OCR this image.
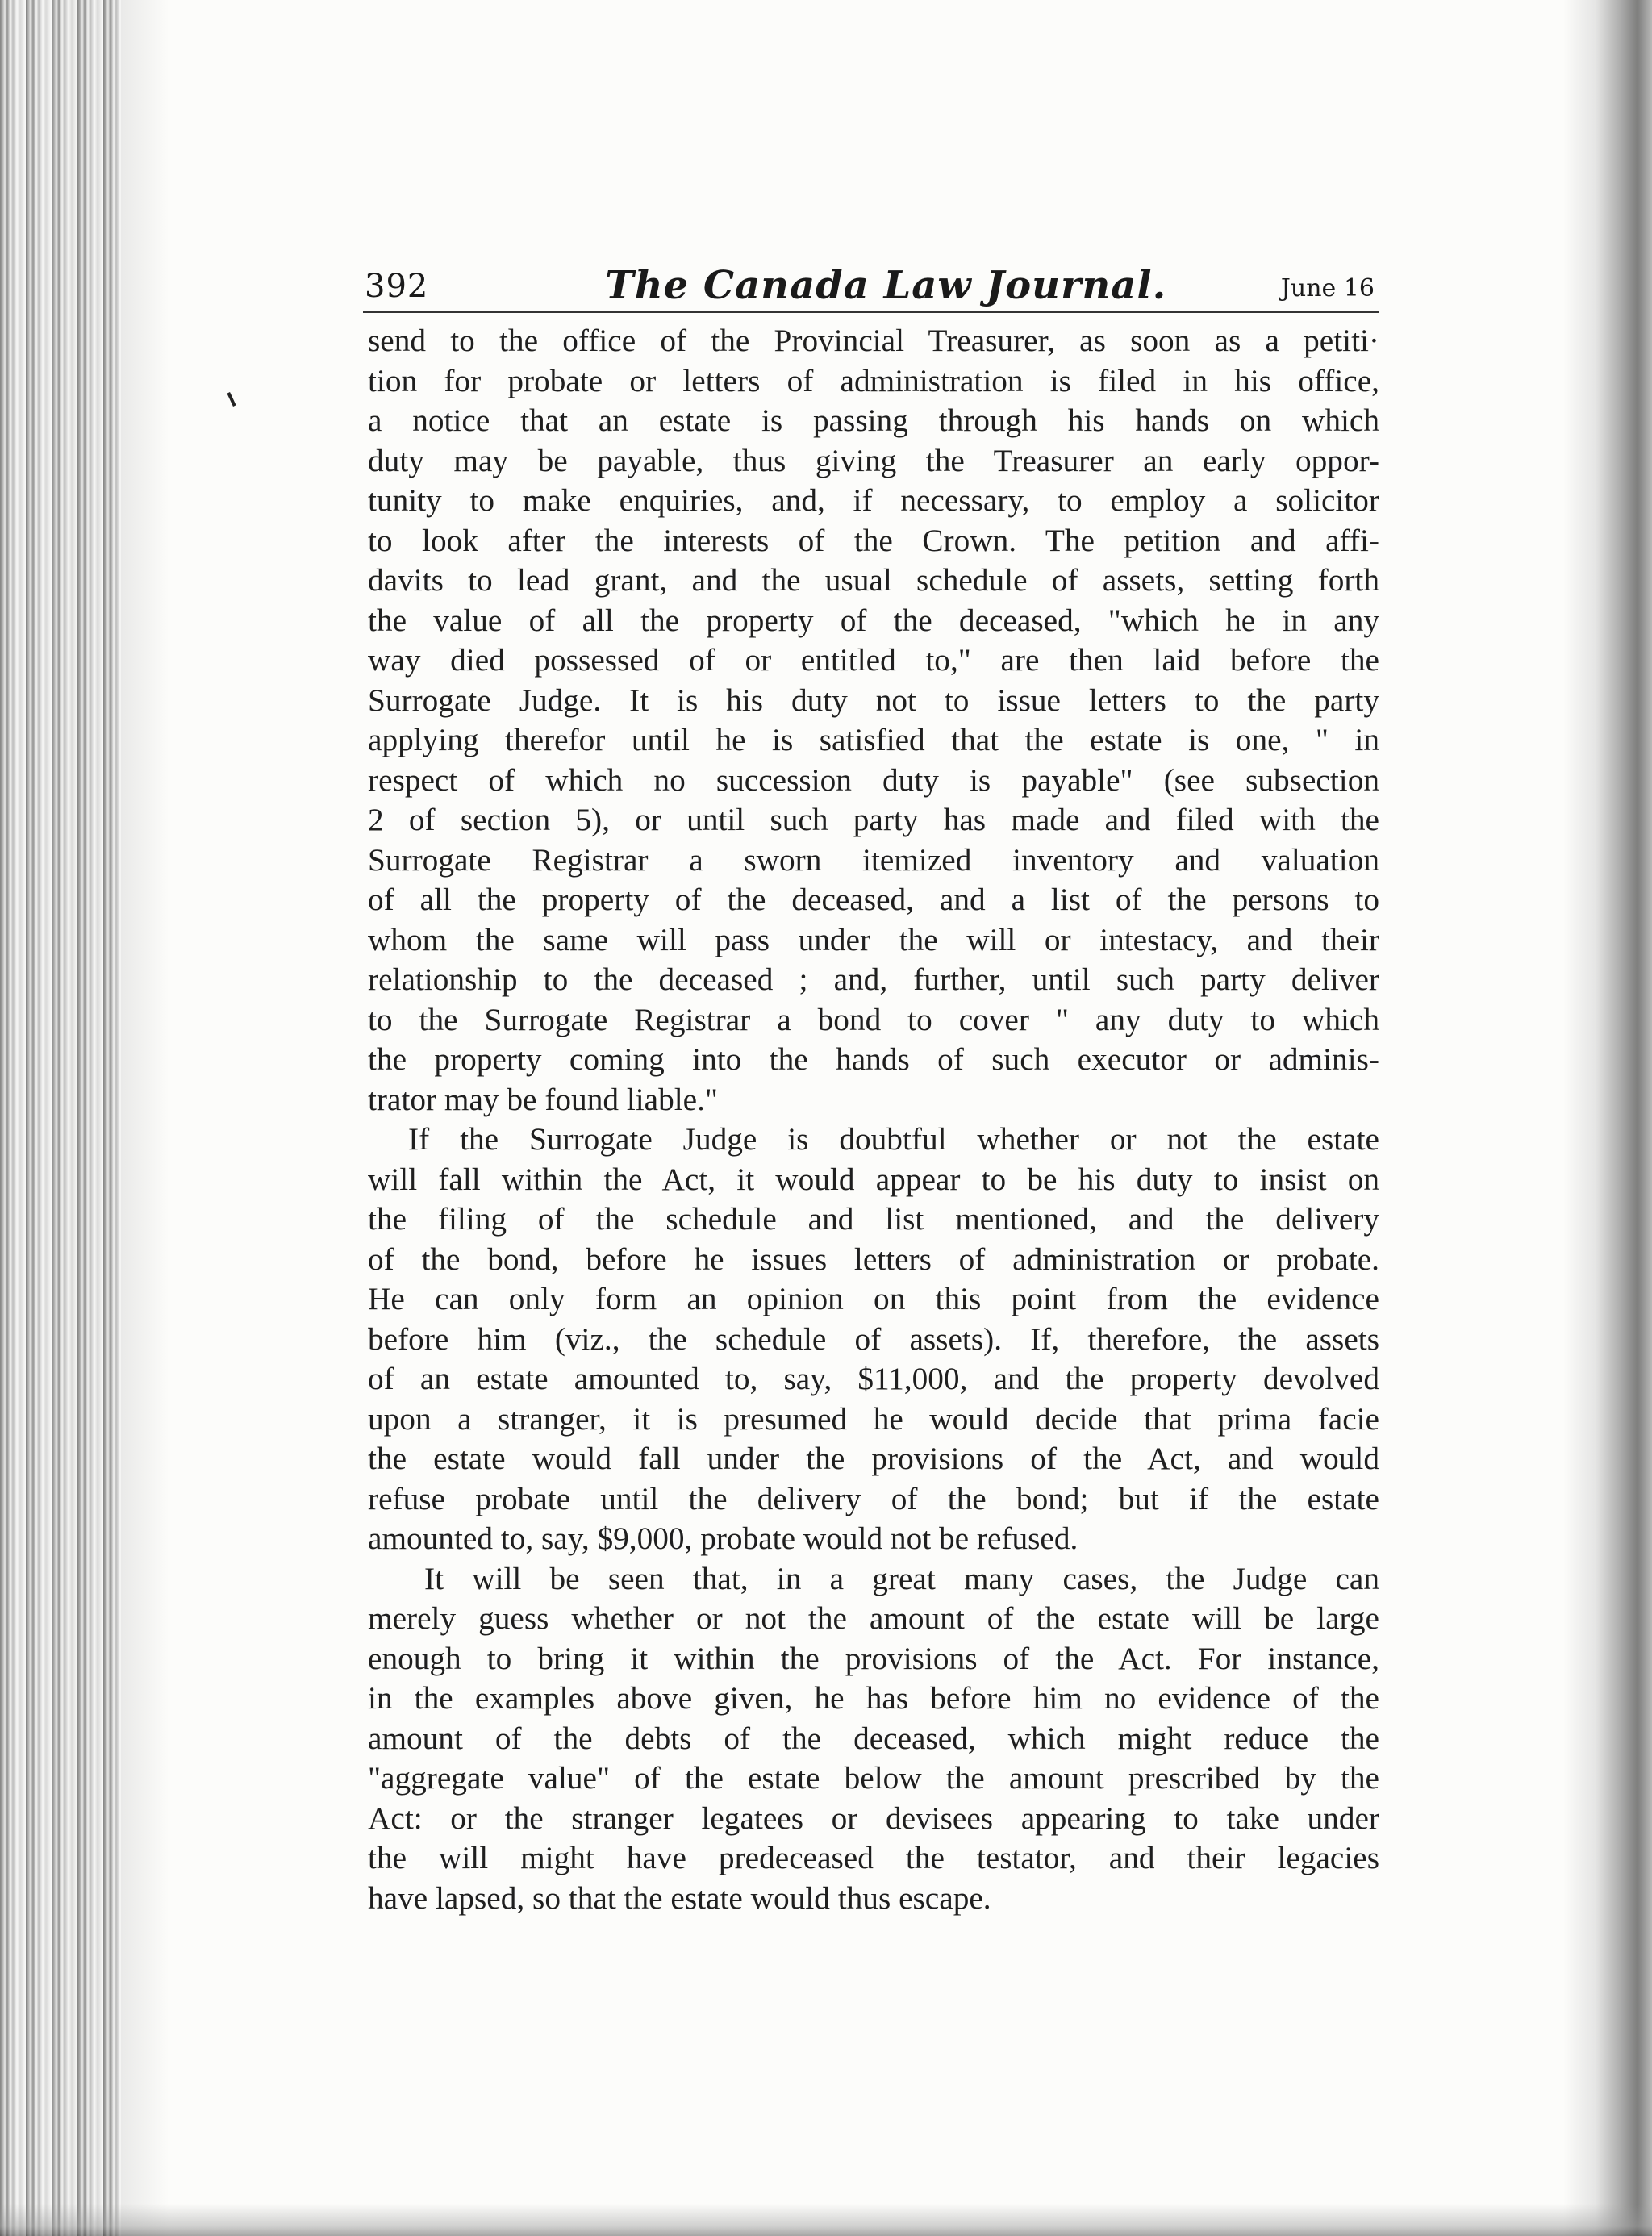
392	The Canada Law Journal.	June 16

send to the office of the Provincial Treasurer, as soon as a petiti·

tion for probate or letters of administration is filed in his office,

a notice that an estate is passing through his hands on which

duty may be payable, thus giving the Treasurer an early oppor-

tunity to make enquiries, and, if necessary, to employ a solicitor

to look after the interests of the Crown. The petition and affi-

davits to lead grant, and the usual schedule of assets, setting forth

the value of all the property of the deceased, "which he in any

way died possessed of or entitled to," are then laid before the

Surrogate Judge. It is his duty not to issue letters to the party

applying therefor until he is satisfied that the estate is one, " in

respect of which no succession duty is payable" (see subsection

2 of section 5), or until such party has made and filed with the

Surrogate Registrar a sworn itemized inventory and valuation

of all the property of the deceased, and a list of the persons to

whom the same will pass under the will or intestacy, and their

relationship to the deceased ; and, further, until such party deliver

to the Surrogate Registrar a bond to cover " any duty to which

the property coming into the hands of such executor or adminis-

trator may be found liable."

If the Surrogate Judge is doubtful whether or not the estate

will fall within the Act, it would appear to be his duty to insist on

the filing of the schedule and list mentioned, and the delivery

of the bond, before he issues letters of administration or probate.

He can only form an opinion on this point from the evidence

before him (viz., the schedule of assets). If, therefore, the assets

of an estate amounted to, say, $11,000, and the property devolved

upon a stranger, it is presumed he would decide that prima facie

the estate would fall under the provisions of the Act, and would

refuse probate until the delivery of the bond; but if the estate

amounted to, say, $9,000, probate would not be refused.

It will be seen that, in a great many cases, the Judge can

merely guess whether or not the amount of the estate will be large

enough to bring it within the provisions of the Act. For instance,

in the examples above given, he has before him no evidence of the

amount of the debts of the deceased, which might reduce the

"aggregate value" of the estate below the amount prescribed by the

Act: or the stranger legatees or devisees appearing to take under

the will might have predeceased the testator, and their legacies

have lapsed, so that the estate would thus escape.
